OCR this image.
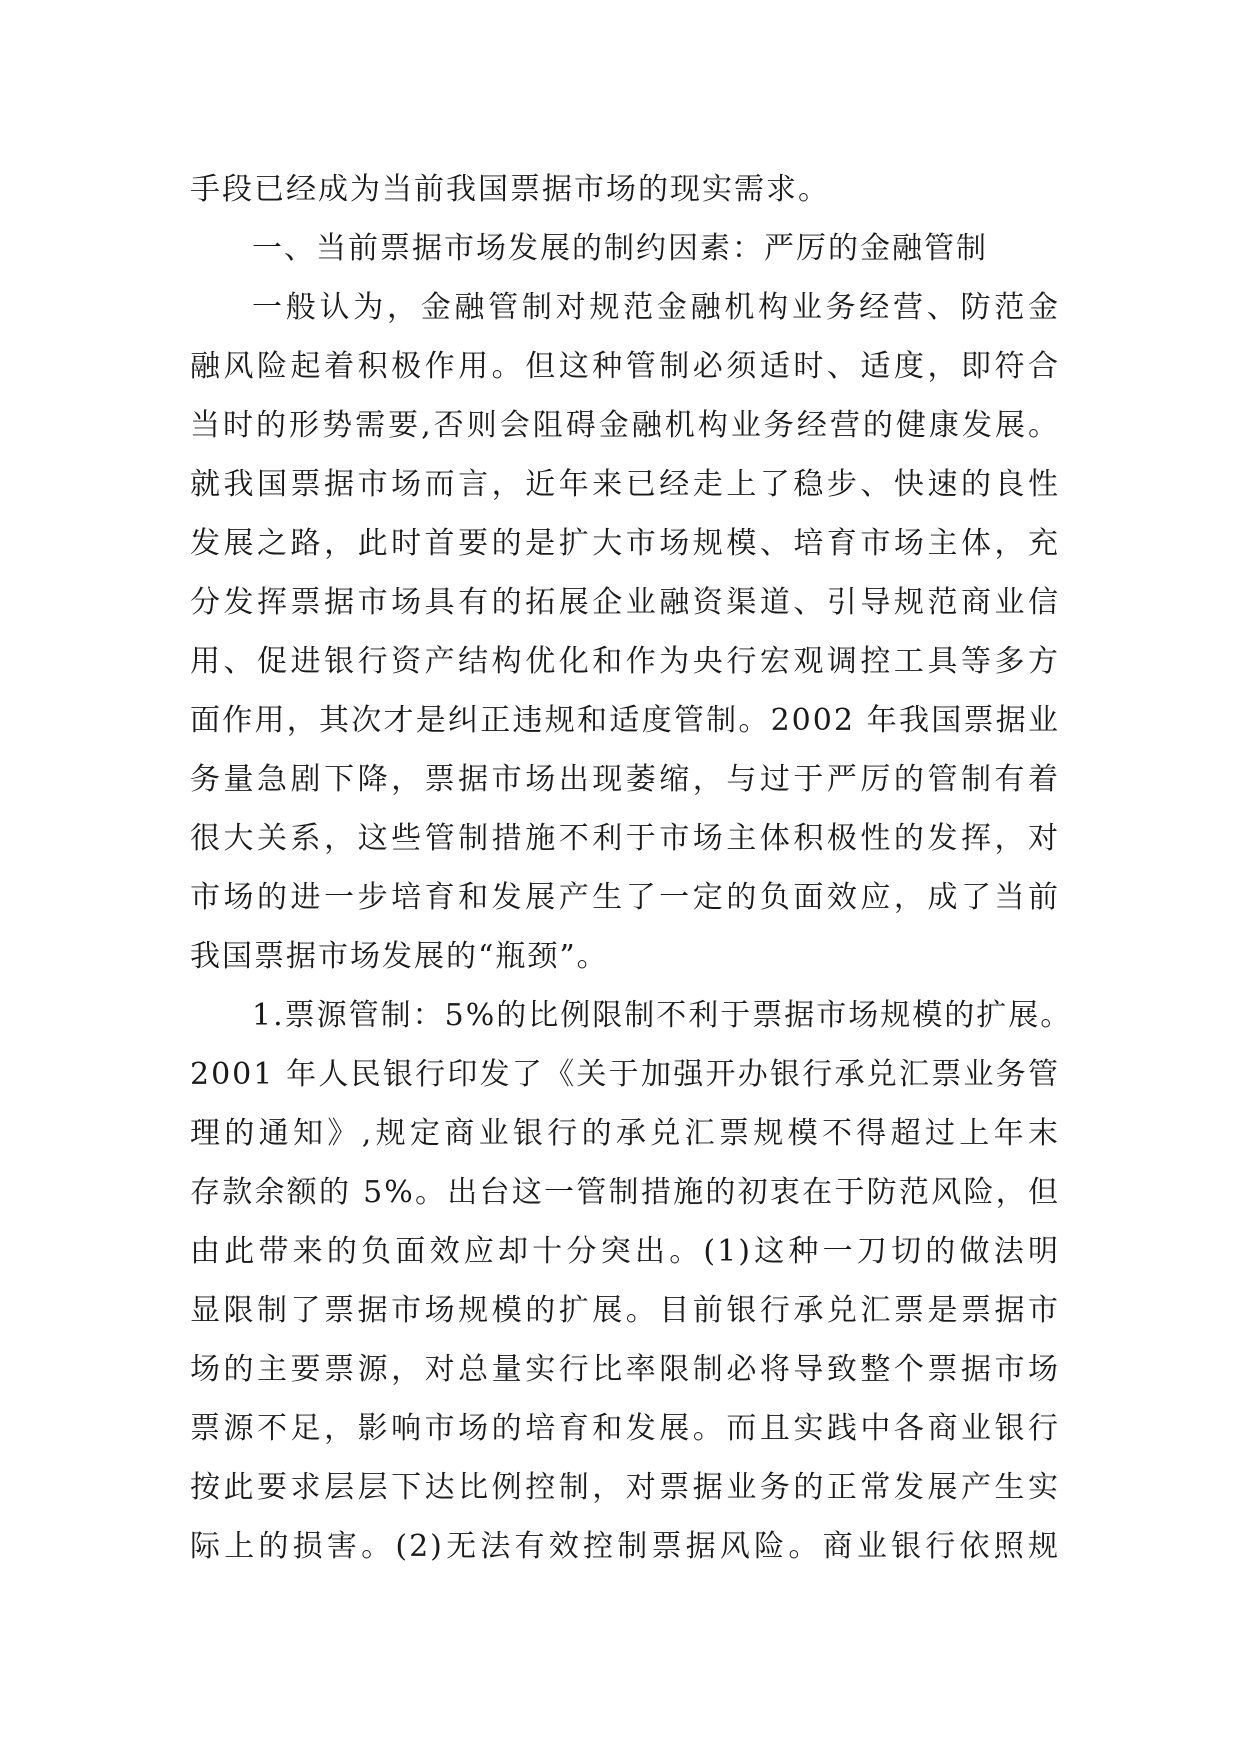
手段已经成为当前我国票据市场的现实需求。
一、当前票据市场发展的制约因素：严厉的金融管制
一般认为，金融管制对规范金融机构业务经营、防范金
融风险起着积极作用。但这种管制必须适时、适度，即符合
当时的形势需要,否则会阻碍金融机构业务经营的健康发展。
就我国票据市场而言，近年来已经走上了稳步、快速的良性
发展之路，此时首要的是扩大市场规模、培育市场主体，充
分发挥票据市场具有的拓展企业融资渠道、引导规范商业信
用、促进银行资产结构优化和作为央行宏观调控工具等多方
面作用，其次才是纠正违规和适度管制。2002 年我国票据业
务量急剧下降，票据市场出现萎缩，与过于严厉的管制有着
很大关系，这些管制措施不利于市场主体积极性的发挥，对
市场的进一步培育和发展产生了一定的负面效应，成了当前
我国票据市场发展的“瓶颈”。
1.票源管制：5%的比例限制不利于票据市场规模的扩展。
2001 年人民银行印发了《关于加强开办银行承兑汇票业务管
理的通知》,规定商业银行的承兑汇票规模不得超过上年末
存款余额的 5%。出台这一管制措施的初衷在于防范风险，但
由此带来的负面效应却十分突出。(1)这种一刀切的做法明
显限制了票据市场规模的扩展。目前银行承兑汇票是票据市
场的主要票源，对总量实行比率限制必将导致整个票据市场
票源不足，影响市场的培育和发展。而且实践中各商业银行
按此要求层层下达比例控制，对票据业务的正常发展产生实
际上的损害。(2)无法有效控制票据风险。商业银行依照规
